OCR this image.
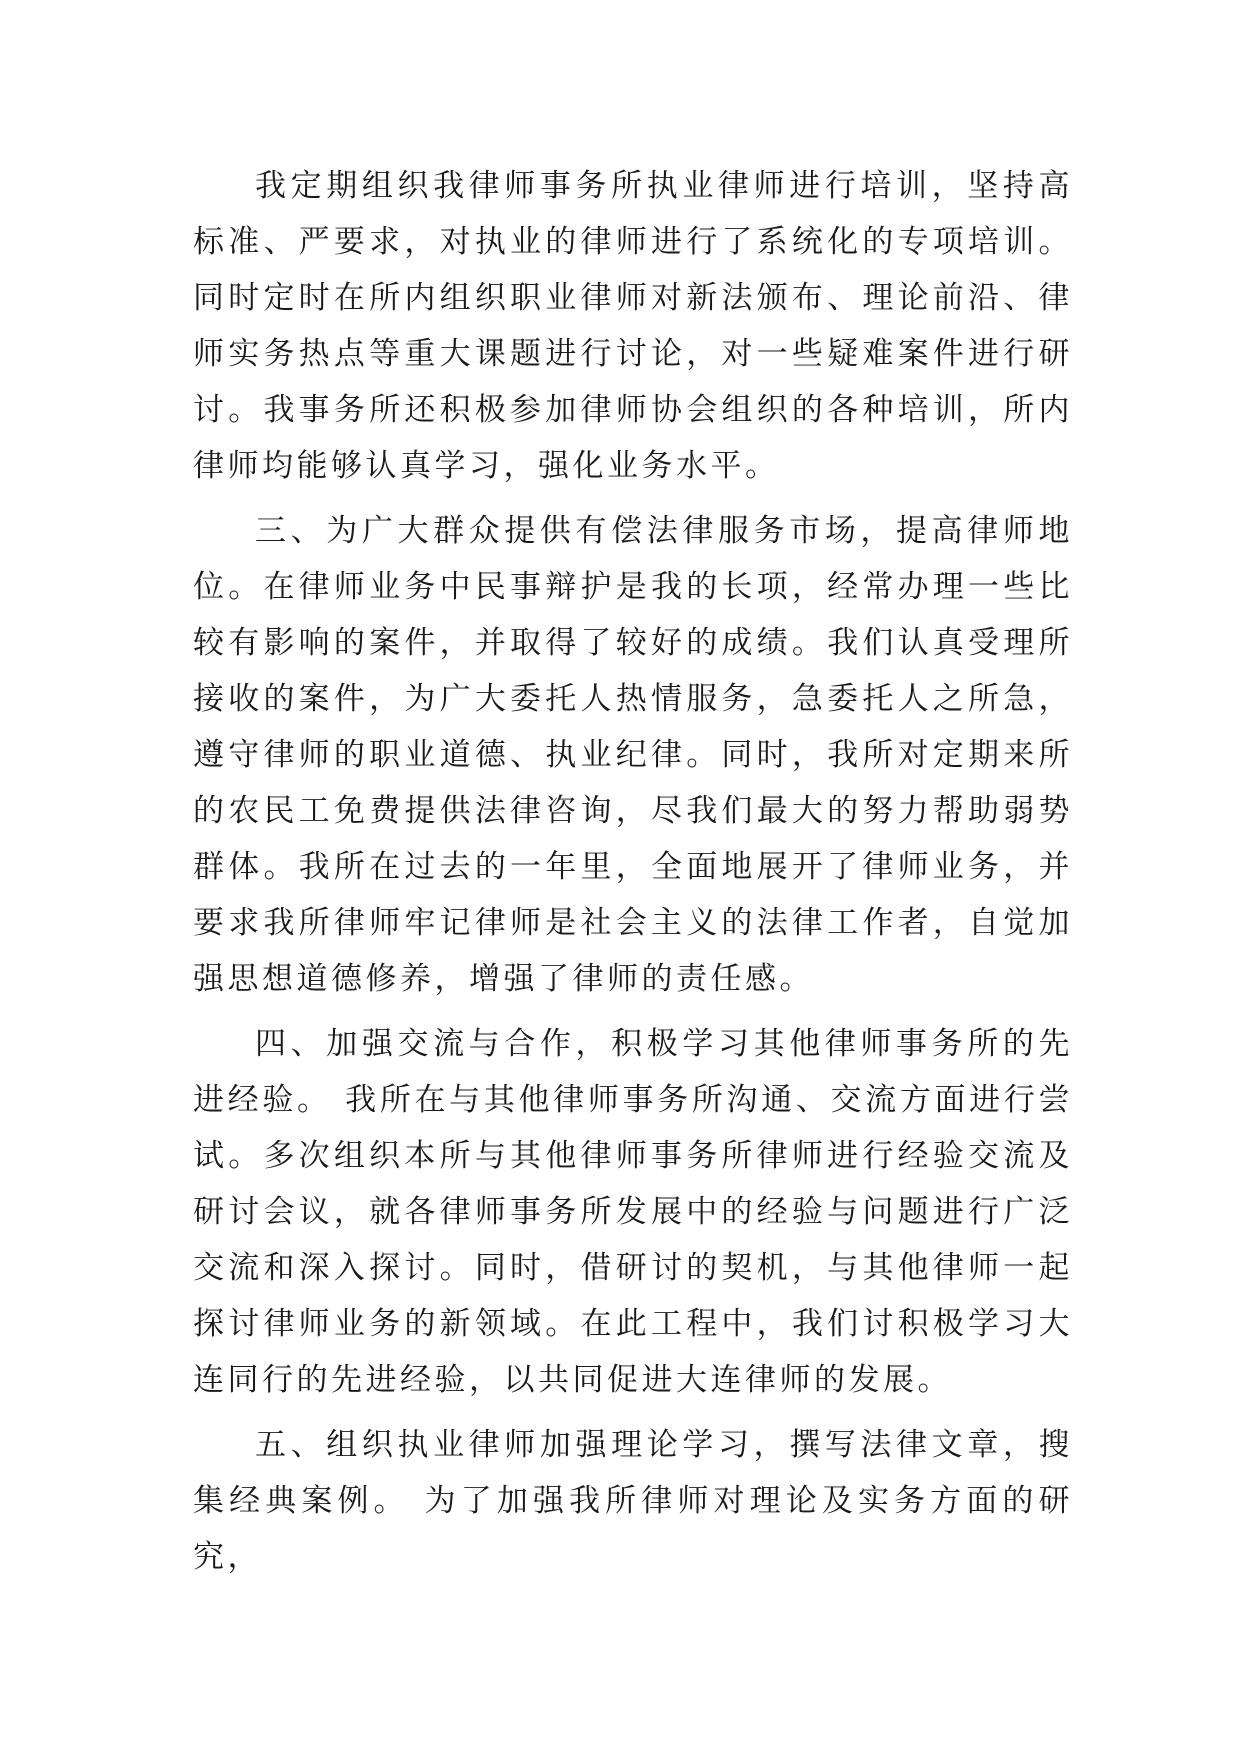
我定期组织我律师事务所执业律师进行培训，坚持高标准、严要求，对执业的律师进行了系统化的专项培训。同时定时在所内组织职业律师对新法颁布、理论前沿、律师实务热点等重大课题进行讨论，对一些疑难案件进行研讨。我事务所还积极参加律师协会组织的各种培训，所内律师均能够认真学习，强化业务水平。

三、为广大群众提供有偿法律服务市场，提高律师地位。在律师业务中民事辩护是我的长项，经常办理一些比较有影响的案件，并取得了较好的成绩。我们认真受理所接收的案件，为广大委托人热情服务，急委托人之所急，遵守律师的职业道德、执业纪律。同时，我所对定期来所的农民工免费提供法律咨询，尽我们最大的努力帮助弱势群体。我所在过去的一年里，全面地展开了律师业务，并要求我所律师牢记律师是社会主义的法律工作者，自觉加强思想道德修养，增强了律师的责任感。

四、加强交流与合作，积极学习其他律师事务所的先进经验。 我所在与其他律师事务所沟通、交流方面进行尝试。多次组织本所与其他律师事务所律师进行经验交流及研讨会议，就各律师事务所发展中的经验与问题进行广泛交流和深入探讨。同时，借研讨的契机，与其他律师一起探讨律师业务的新领域。在此工程中，我们讨积极学习大连同行的先进经验，以共同促进大连律师的发展。

五、组织执业律师加强理论学习，撰写法律文章，搜集经典案例。 为了加强我所律师对理论及实务方面的研究，
